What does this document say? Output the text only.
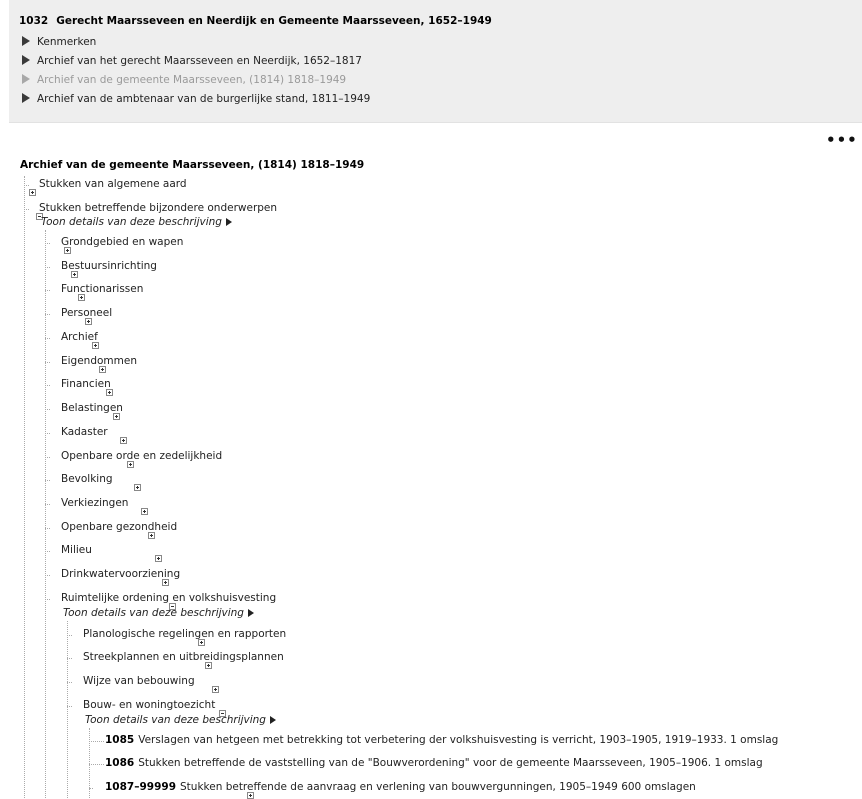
1032 Gerecht Maarsseveen en Neerdijk en Gemeente Maarsseveen, 1652–1949
Kenmerken
Archief van het gerecht Maarsseveen en Neerdijk, 1652–1817
Archief van de gemeente Maarsseveen, (1814) 1818–1949
Archief van de ambtenaar van de burgerlijke stand, 1811–1949
•••
Archief van de gemeente Maarsseveen, (1814) 1818–1949
Stukken van algemene aard
Stukken betreffende bijzondere onderwerpen
Toon details van deze beschrijving
Grondgebied en wapen
Bestuursinrichting
Functionarissen
Personeel
Archief
Eigendommen
Financien
Belastingen
Kadaster
Openbare orde en zedelijkheid
Bevolking
Verkiezingen
Openbare gezondheid
Milieu
Drinkwatervoorziening
Ruimtelijke ordening en volkshuisvesting
Toon details van deze beschrijving
Planologische regelingen en rapporten
Streekplannen en uitbreidingsplannen
Wijze van bebouwing
Bouw- en woningtoezicht
Toon details van deze beschrijving
1085 Verslagen van hetgeen met betrekking tot verbetering der volkshuisvesting is verricht, 1903–1905, 1919–1933. 1 omslag
1086 Stukken betreffende de vaststelling van de "Bouwverordening" voor de gemeente Maarsseveen, 1905–1906. 1 omslag
1087–99999 Stukken betreffende de aanvraag en verlening van bouwvergunningen, 1905–1949 600 omslagen
